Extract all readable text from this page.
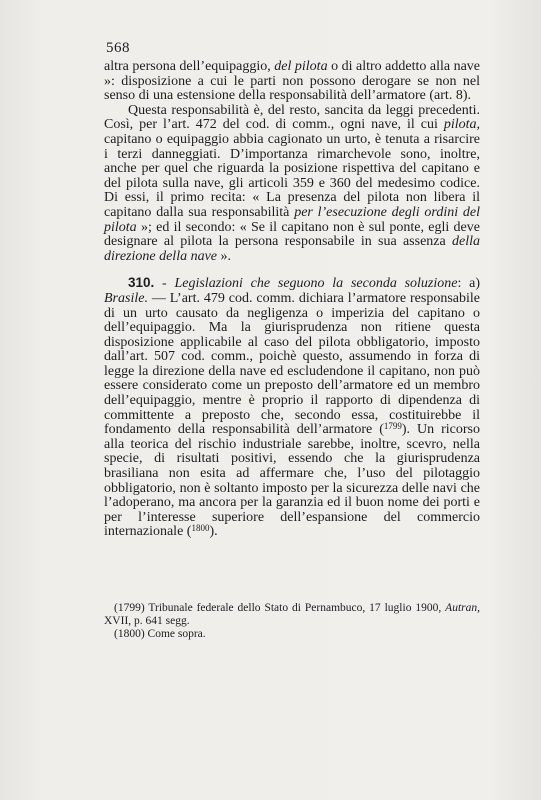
568

altra persona dell’equipaggio, del pilota o di altro addetto alla nave »: disposizione a cui le parti non possono derogare se non nel senso di una estensione della responsabilità dell’armatore (art. 8).

Questa responsabilità è, del resto, sancita da leggi precedenti. Così, per l’art. 472 del cod. di comm., ogni nave, il cui pilota, capitano o equipaggio abbia cagionato un urto, è tenuta a risarcire i terzi danneggiati. D’importanza rimarchevole sono, inoltre, anche per quel che riguarda la posizione rispettiva del capitano e del pilota sulla nave, gli articoli 359 e 360 del medesimo codice. Di essi, il primo recita: « La presenza del pilota non libera il capitano dalla sua responsabilità per l’esecuzione degli ordini del pilota »; ed il secondo: « Se il capitano non è sul ponte, egli deve designare al pilota la persona responsabile in sua assenza della direzione della nave ».

310. - Legislazioni che seguono la seconda soluzione: a) Brasile. — L’art. 479 cod. comm. dichiara l’armatore responsabile di un urto causato da negligenza o imperizia del capitano o dell’equipaggio. Ma la giurisprudenza non ritiene questa disposizione applicabile al caso del pilota obbligatorio, imposto dall’art. 507 cod. comm., poichè questo, assumendo in forza di legge la direzione della nave ed escludendone il capitano, non può essere considerato come un preposto dell’armatore ed un membro dell’equipaggio, mentre è proprio il rapporto di dipendenza di committente a preposto che, secondo essa, costituirebbe il fondamento della responsabilità dell’armatore ($^{1799}$). Un ricorso alla teorica del rischio industriale sarebbe, inoltre, scevro, nella specie, di risultati positivi, essendo che la giurisprudenza brasiliana non esita ad affermare che, l’uso del pilotaggio obbligatorio, non è soltanto imposto per la sicurezza delle navi che l’adoperano, ma ancora per la garanzia ed il buon nome dei porti e per l’interesse superiore dell’espansione del commercio internazionale ($^{1800}$).

(1799) Tribunale federale dello Stato di Pernambuco, 17 luglio 1900, Autran, XVII, p. 641 segg.

(1800) Come sopra.
